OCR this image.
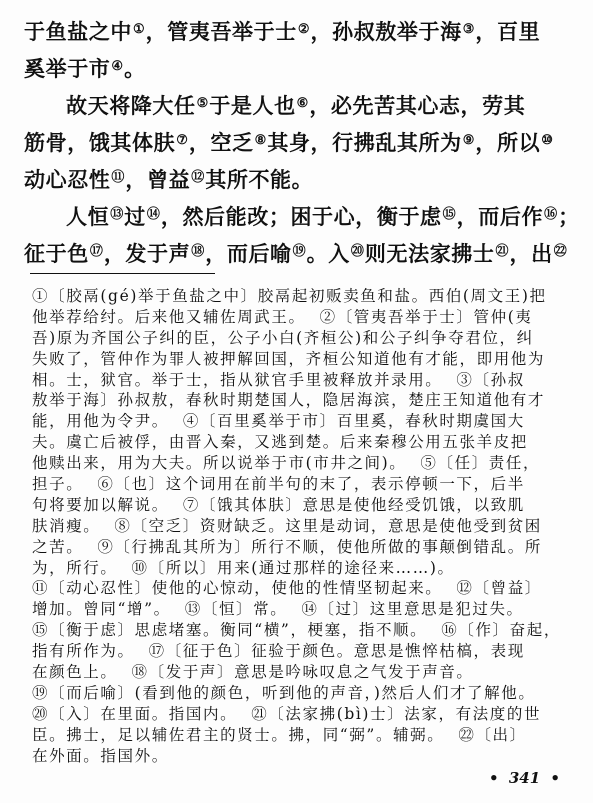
于鱼盐之中①，管夷吾举于士②，孙叔敖举于海③，百里
奚举于市④。
故天将降大任⑤于是人也⑥，必先苦其心志，劳其
筋骨，饿其体肤⑦，空乏⑧其身，行拂乱其所为⑨，所以⑩
动心忍性⑪，曾益⑫其所不能。
人恒⑬过⑭，然后能改；困于心，衡于虑⑮，而后作⑯；
征于色⑰，发于声⑱，而后喻⑲。入⑳则无法家拂士$^㉑$，出$^㉒$
①〔胶鬲(gé)举于鱼盐之中〕胶鬲起初贩卖鱼和盐。西伯(周文王)把
他举荐给纣。后来他又辅佐周武王。 ②〔管夷吾举于士〕管仲(夷
吾)原为齐国公子纠的臣，公子小白(齐桓公)和公子纠争夺君位，纠
失败了，管仲作为罪人被押解回国，齐桓公知道他有才能，即用他为
相。士，狱官。举于士，指从狱官手里被释放并录用。 ③〔孙叔
敖举于海〕孙叔敖，春秋时期楚国人，隐居海滨，楚庄王知道他有才
能，用他为令尹。 ④〔百里奚举于市〕百里奚，春秋时期虞国大
夫。虞亡后被俘，由晋入秦，又逃到楚。后来秦穆公用五张羊皮把
他赎出来，用为大夫。所以说举于市(市井之间)。 ⑤〔任〕责任，
担子。 ⑥〔也〕这个词用在前半句的末了，表示停顿一下，后半
句将要加以解说。 ⑦〔饿其体肤〕意思是使他经受饥饿，以致肌
肤消瘦。 ⑧〔空乏〕资财缺乏。这里是动词，意思是使他受到贫困
之苦。 ⑨〔行拂乱其所为〕所行不顺，使他所做的事颠倒错乱。所
为，所行。 ⑩〔所以〕用来(通过那样的途径来……)。
⑪〔动心忍性〕使他的心惊动，使他的性情坚韧起来。 ⑫〔曾益〕
增加。曾同“增”。 ⑬〔恒〕常。 ⑭〔过〕这里意思是犯过失。
⑮〔衡于虑〕思虑堵塞。衡同“横”，梗塞，指不顺。 ⑯〔作〕奋起，
指有所作为。 ⑰〔征于色〕征验于颜色。意思是憔悴枯槁，表现
在颜色上。 ⑱〔发于声〕意思是吟咏叹息之气发于声音。
⑲〔而后喻〕(看到他的颜色，听到他的声音，)然后人们才了解他。
⑳〔入〕在里面。指国内。 ㉑〔法家拂(bì)士〕法家，有法度的世
臣。拂士，足以辅佐君主的贤士。拂，同“弼”。辅弼。 ㉒〔出〕
在外面。指国外。
• 341 •
